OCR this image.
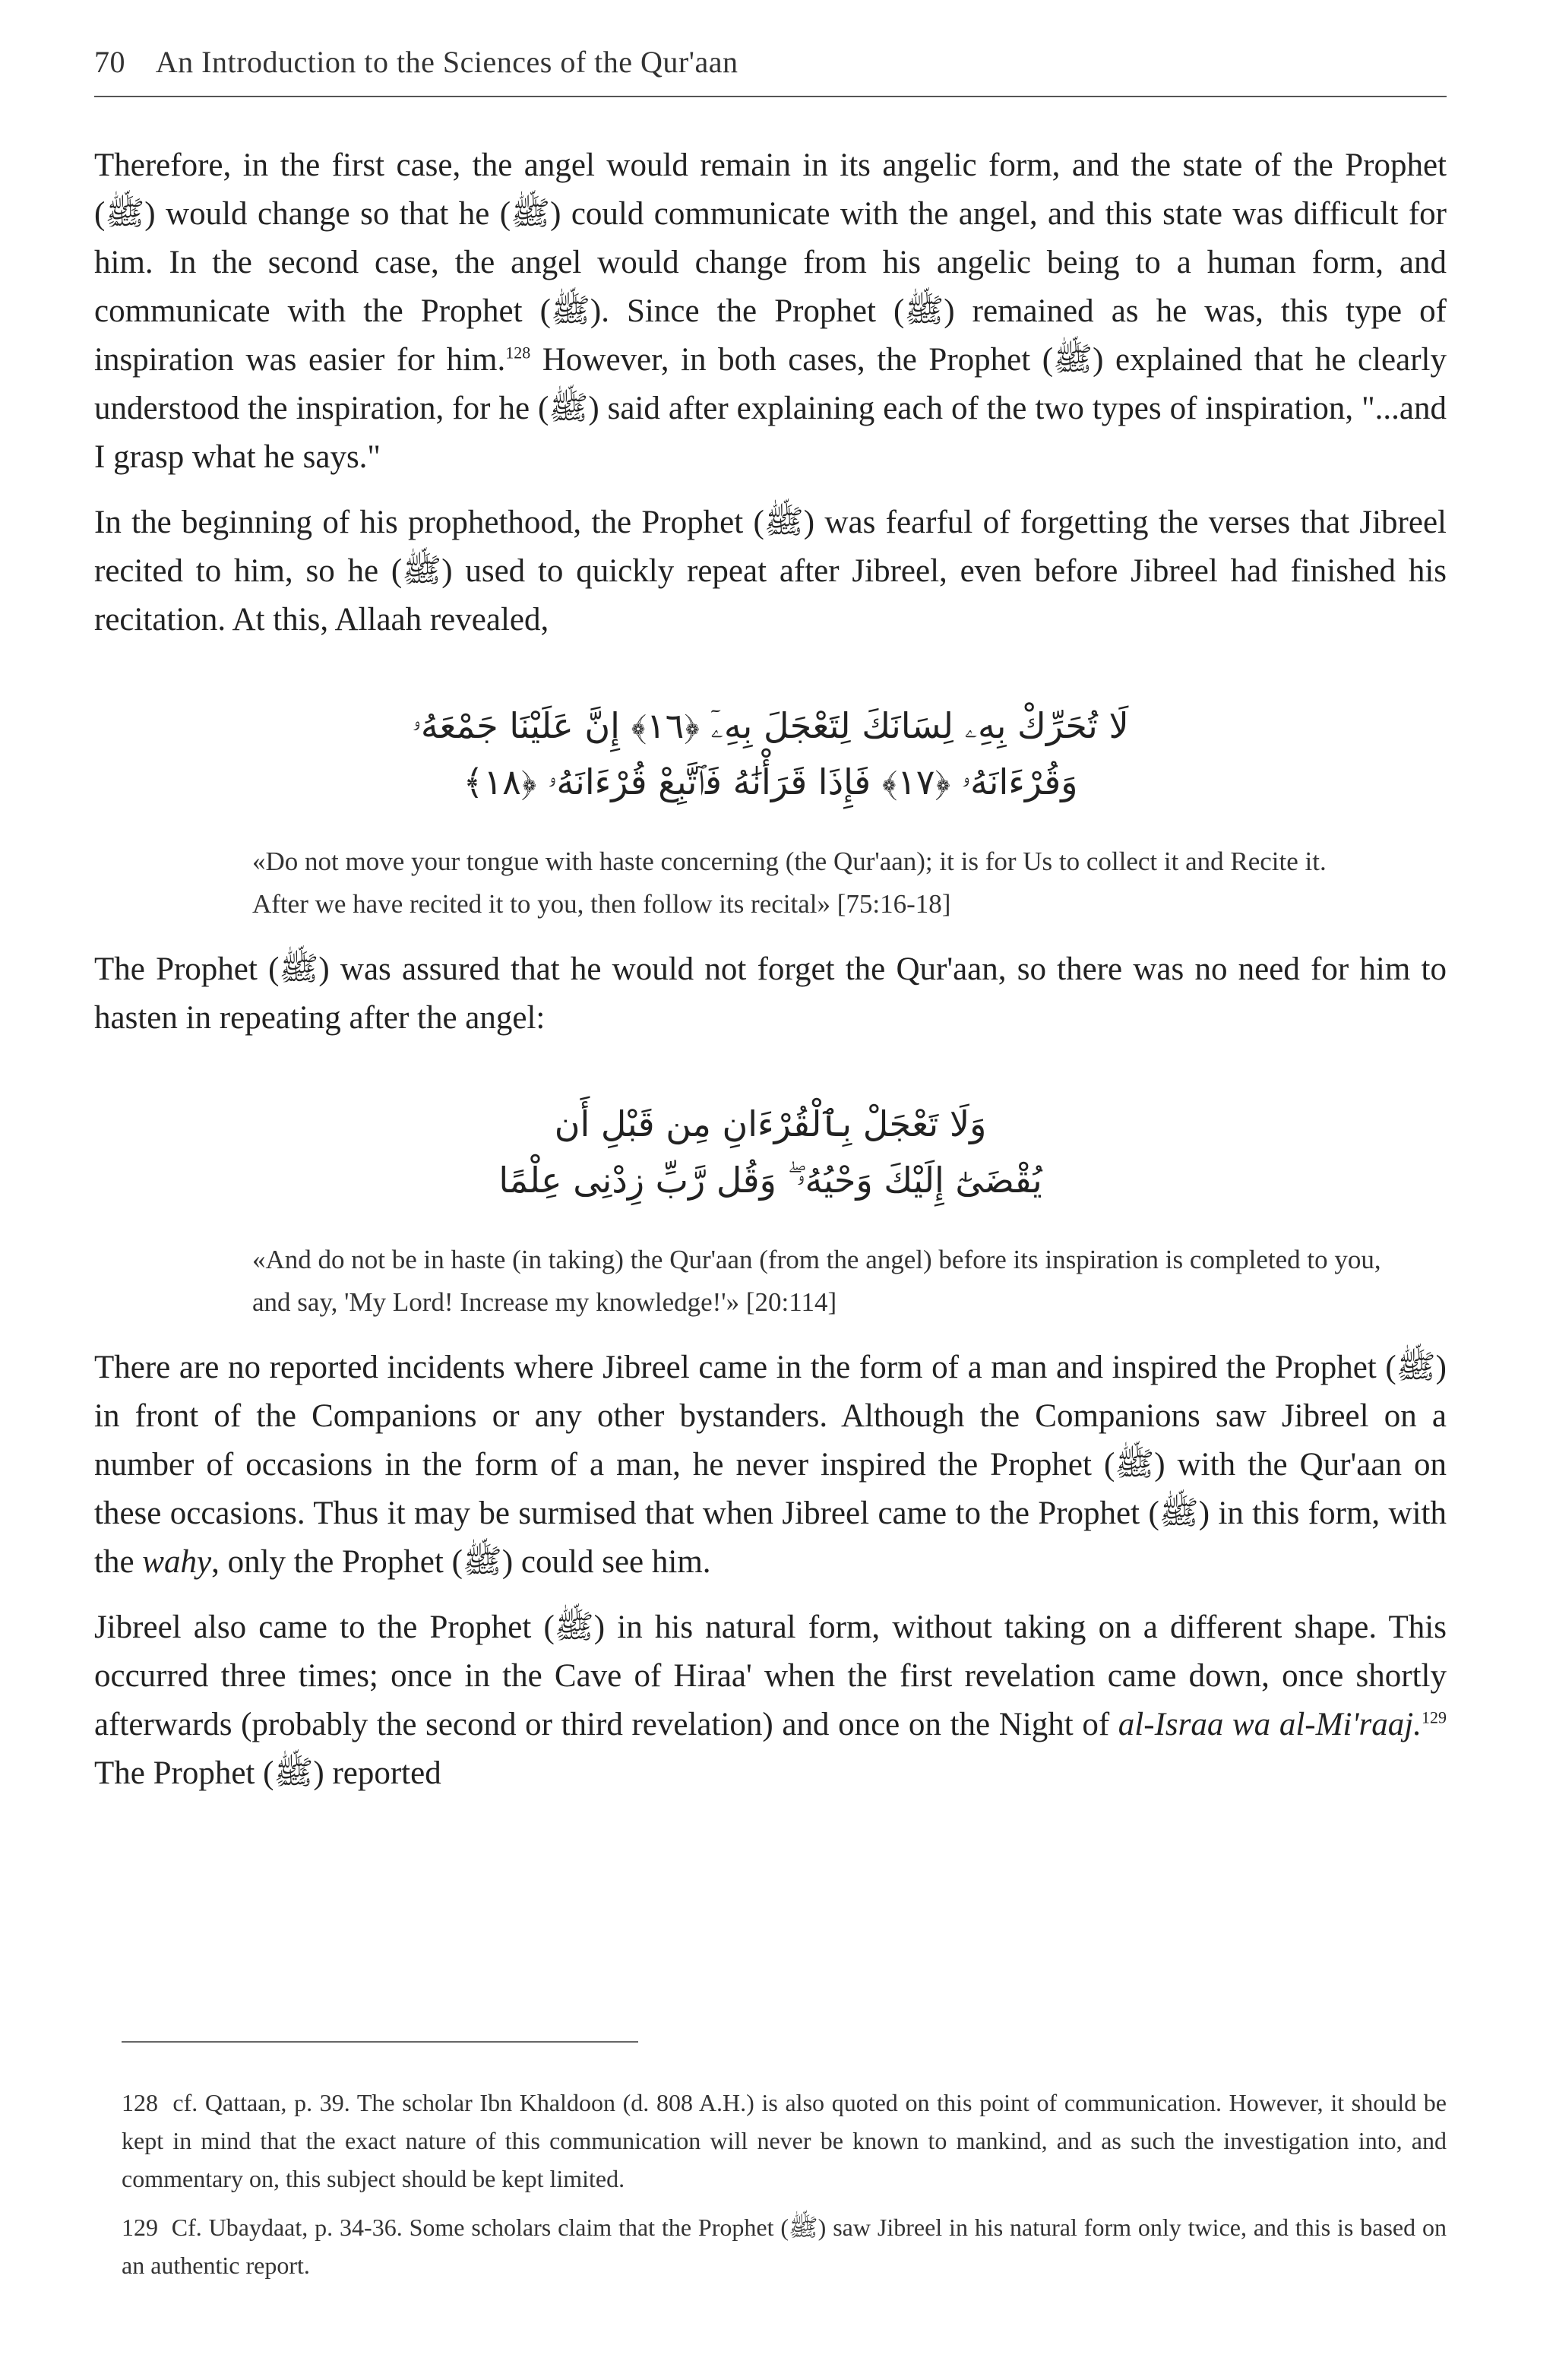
70 An Introduction to the Sciences of the Qur'aan

Therefore, in the first case, the angel would remain in its angelic form, and the state of the Prophet (ﷺ) would change so that he (ﷺ) could communicate with the angel, and this state was difficult for him. In the second case, the angel would change from his angelic being to a human form, and communicate with the Prophet (ﷺ). Since the Prophet (ﷺ) remained as he was, this type of inspiration was easier for him.$^{128}$ However, in both cases, the Prophet (ﷺ) explained that he clearly understood the inspiration, for he (ﷺ) said after explaining each of the two types of inspiration, "...and I grasp what he says."

In the beginning of his prophethood, the Prophet (ﷺ) was fearful of forgetting the verses that Jibreel recited to him, so he (ﷺ) used to quickly repeat after Jibreel, even before Jibreel had finished his recitation. At this, Allaah revealed,

لَا تُحَرِّكْ بِهِۦ لِسَانَكَ لِتَعْجَلَ بِهِۦٓ ﴿١٦﴾ إِنَّ عَلَيْنَا جَمْعَهُۥ
وَقُرْءَانَهُۥ ﴿١٧﴾ فَإِذَا قَرَأْنَٰهُ فَٱتَّبِعْ قُرْءَانَهُۥ ﴿١٨﴾

«Do not move your tongue with haste concerning (the Qur'aan); it is for Us to collect it and Recite it. After we have recited it to you, then follow its recital» [75:16-18]

The Prophet (ﷺ) was assured that he would not forget the Qur'aan, so there was no need for him to hasten in repeating after the angel:

وَلَا تَعْجَلْ بِٱلْقُرْءَانِ مِن قَبْلِ أَن
يُقْضَىٰٓ إِلَيْكَ وَحْيُهُۥ ۖ وَقُل رَّبِّ زِدْنِى عِلْمًا

«And do not be in haste (in taking) the Qur'aan (from the angel) before its inspiration is completed to you, and say, 'My Lord! Increase my knowledge!'» [20:114]

There are no reported incidents where Jibreel came in the form of a man and inspired the Prophet (ﷺ) in front of the Companions or any other bystanders. Although the Companions saw Jibreel on a number of occasions in the form of a man, he never inspired the Prophet (ﷺ) with the Qur'aan on these occasions. Thus it may be surmised that when Jibreel came to the Prophet (ﷺ) in this form, with the wahy, only the Prophet (ﷺ) could see him.

Jibreel also came to the Prophet (ﷺ) in his natural form, without taking on a different shape. This occurred three times; once in the Cave of Hiraa' when the first revelation came down, once shortly afterwards (probably the second or third revelation) and once on the Night of al-Israa wa al-Mi'raaj.$^{129}$ The Prophet (ﷺ) reported

128 cf. Qattaan, p. 39. The scholar Ibn Khaldoon (d. 808 A.H.) is also quoted on this point of communication. However, it should be kept in mind that the exact nature of this communication will never be known to mankind, and as such the investigation into, and commentary on, this subject should be kept limited.

129 Cf. Ubaydaat, p. 34-36. Some scholars claim that the Prophet (ﷺ) saw Jibreel in his natural form only twice, and this is based on an authentic report.
